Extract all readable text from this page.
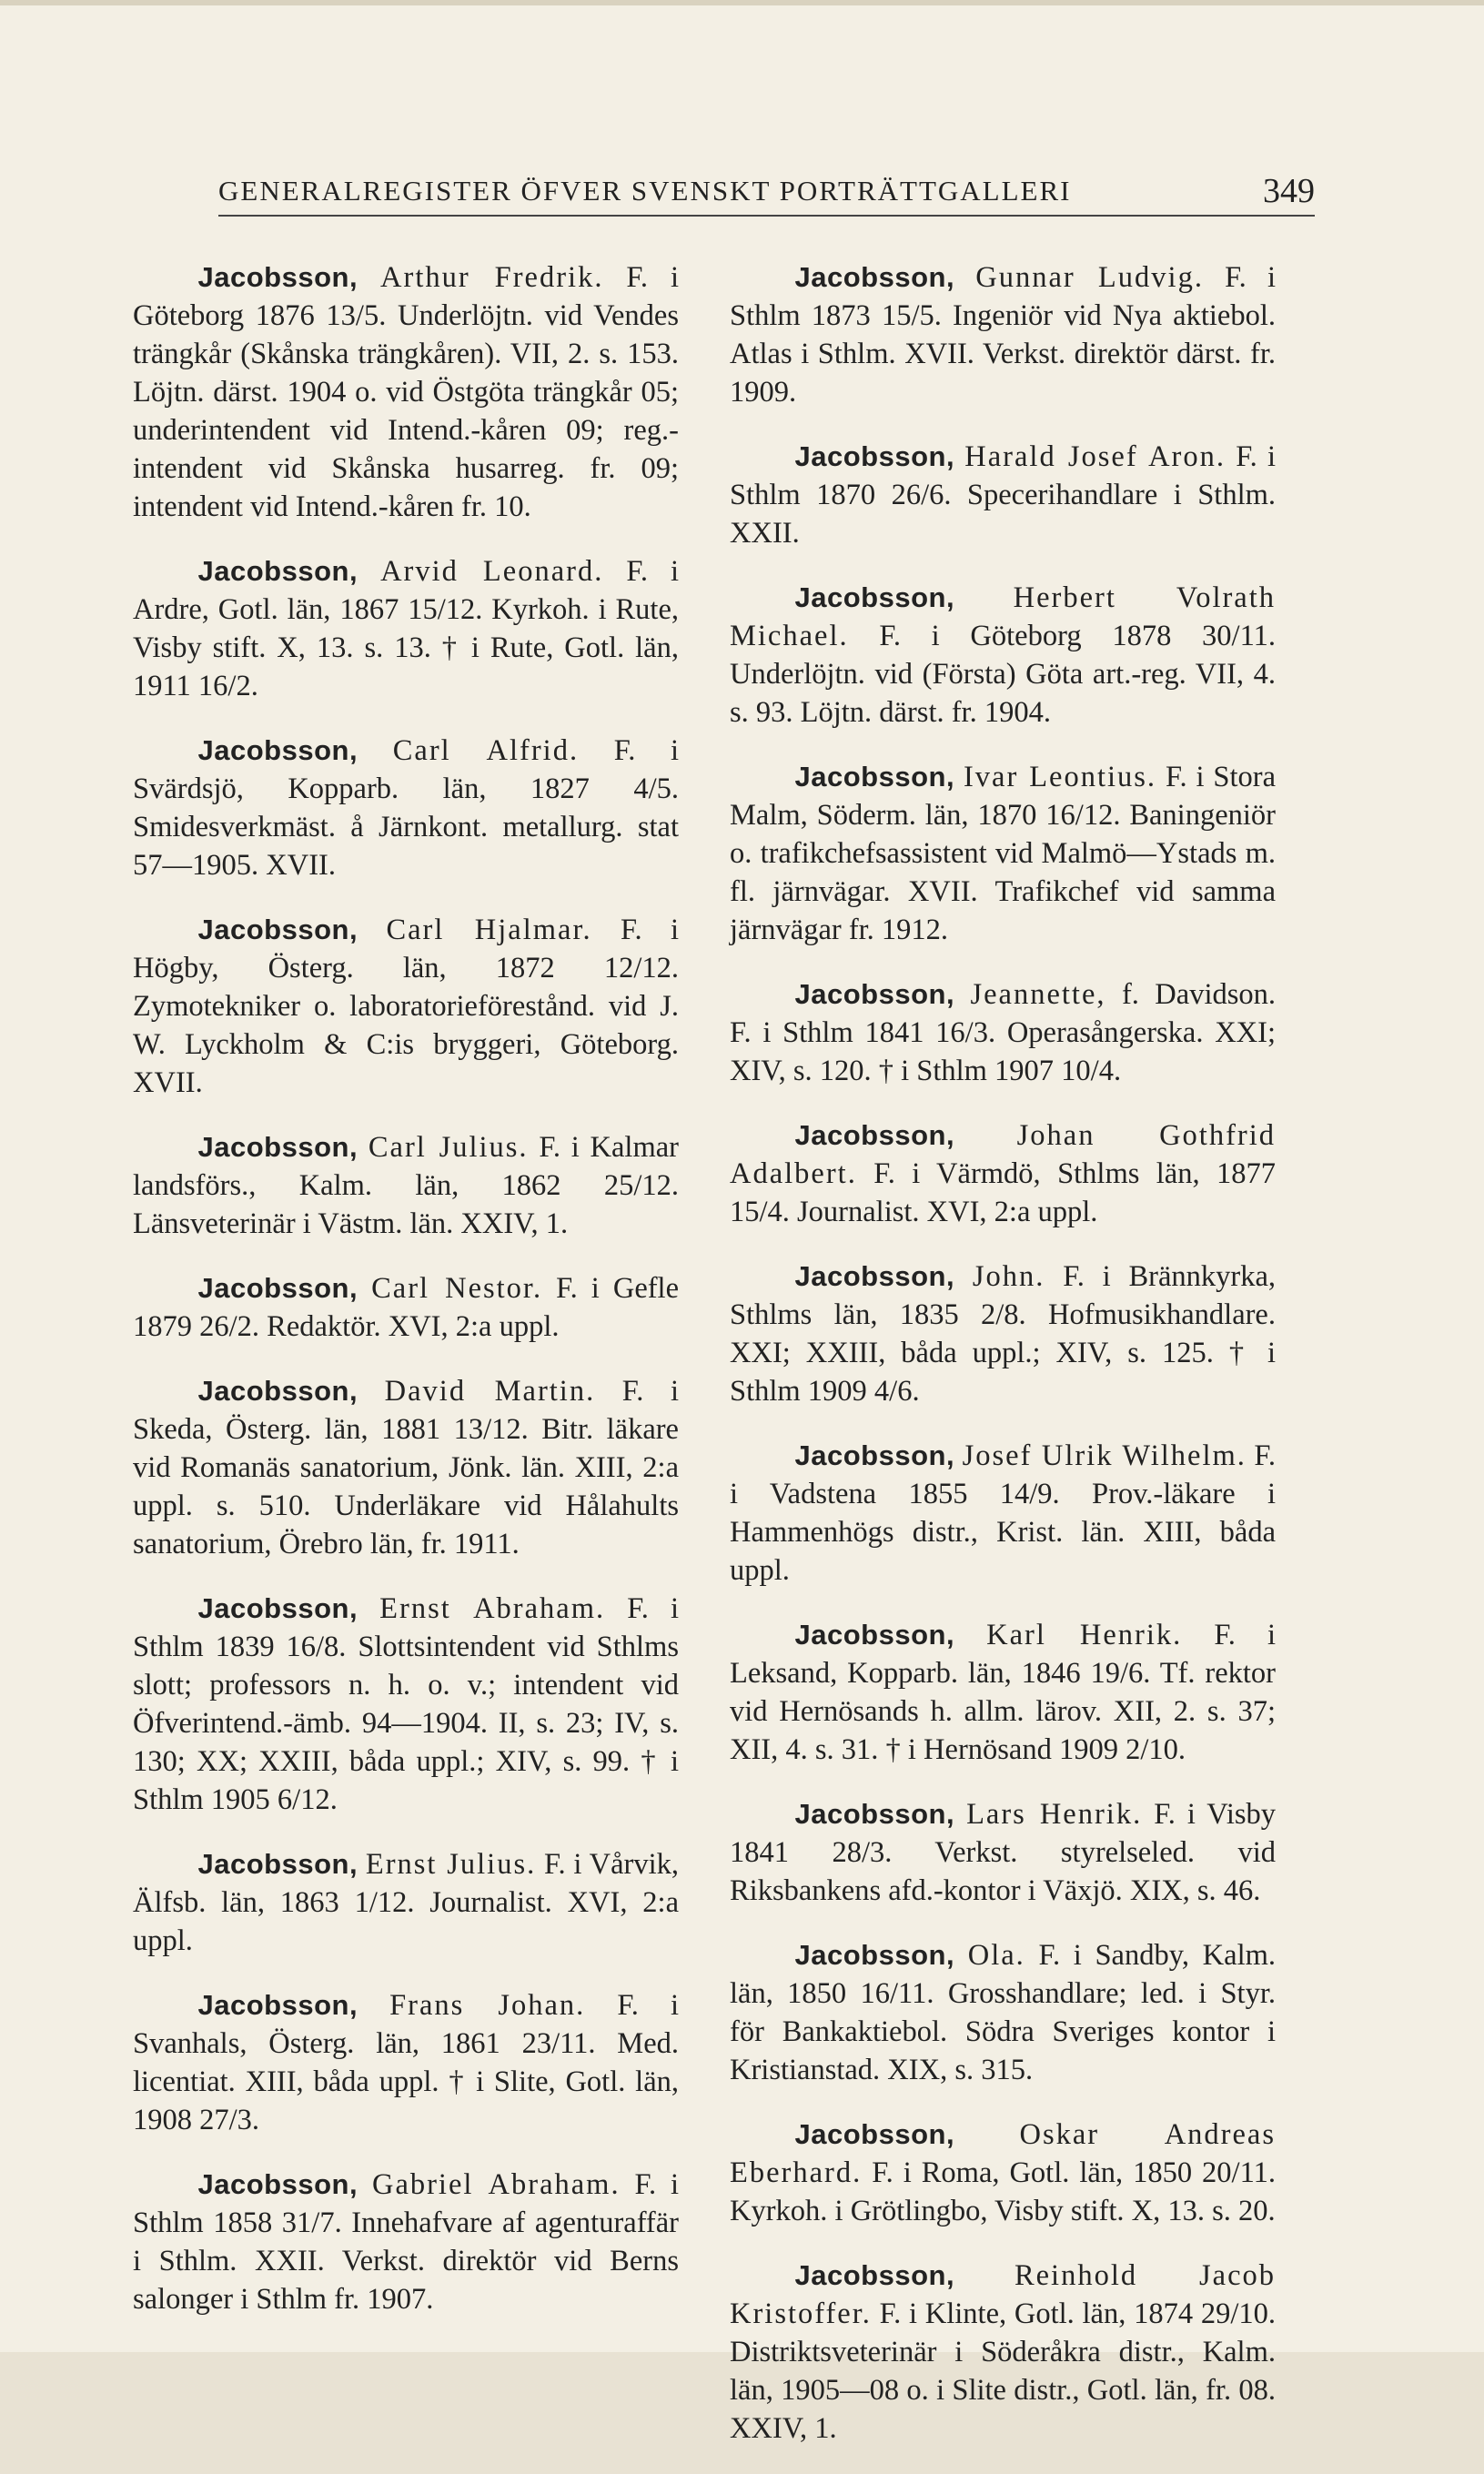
GENERALREGISTER ÖFVER SVENSKT PORTRÄTTGALLERI	349
Jacobsson, Arthur Fredrik. F. i Göteborg 1876 13/5. Underlöjtn. vid Vendes trängkår (Skånska trängkåren). VII, 2. s. 153. Löjtn. därst. 1904 o. vid Östgöta trängkår 05; underintendent vid Intend.-kåren 09; reg.-intendent vid Skånska husarreg. fr. 09; intendent vid Intend.-kåren fr. 10.
Jacobsson, Arvid Leonard. F. i Ardre, Gotl. län, 1867 15/12. Kyrkoh. i Rute, Visby stift. X, 13. s. 13. † i Rute, Gotl. län, 1911 16/2.
Jacobsson, Carl Alfrid. F. i Svärdsjö, Kopparb. län, 1827 4/5. Smidesverkmäst. å Järnkont. metallurg. stat 57—1905. XVII.
Jacobsson, Carl Hjalmar. F. i Högby, Österg. län, 1872 12/12. Zymotekniker o. laboratorieförestånd. vid J. W. Lyckholm & C:is bryggeri, Göteborg. XVII.
Jacobsson, Carl Julius. F. i Kalmar landsförs., Kalm. län, 1862 25/12. Länsveterinär i Västm. län. XXIV, 1.
Jacobsson, Carl Nestor. F. i Gefle 1879 26/2. Redaktör. XVI, 2:a uppl.
Jacobsson, David Martin. F. i Skeda, Österg. län, 1881 13/12. Bitr. läkare vid Romanäs sanatorium, Jönk. län. XIII, 2:a uppl. s. 510. Underläkare vid Hålahults sanatorium, Örebro län, fr. 1911.
Jacobsson, Ernst Abraham. F. i Sthlm 1839 16/8. Slottsintendent vid Sthlms slott; professors n. h. o. v.; intendent vid Öfverintend.-ämb. 94—1904. II, s. 23; IV, s. 130; XX; XXIII, båda uppl.; XIV, s. 99. † i Sthlm 1905 6/12.
Jacobsson, Ernst Julius. F. i Vårvik, Älfsb. län, 1863 1/12. Journalist. XVI, 2:a uppl.
Jacobsson, Frans Johan. F. i Svanhals, Österg. län, 1861 23/11. Med. licentiat. XIII, båda uppl. † i Slite, Gotl. län, 1908 27/3.
Jacobsson, Gabriel Abraham. F. i Sthlm 1858 31/7. Innehafvare af agenturaffär i Sthlm. XXII. Verkst. direktör vid Berns salonger i Sthlm fr. 1907.
Jacobsson, Gunnar Ludvig. F. i Sthlm 1873 15/5. Ingeniör vid Nya aktiebol. Atlas i Sthlm. XVII. Verkst. direktör därst. fr. 1909.
Jacobsson, Harald Josef Aron. F. i Sthlm 1870 26/6. Specerihandlare i Sthlm. XXII.
Jacobsson, Herbert Volrath Michael. F. i Göteborg 1878 30/11. Underlöjtn. vid (Första) Göta art.-reg. VII, 4. s. 93. Löjtn. därst. fr. 1904.
Jacobsson, Ivar Leontius. F. i Stora Malm, Söderm. län, 1870 16/12. Baningeniör o. trafikchefsassistent vid Malmö—Ystads m. fl. järnvägar. XVII. Trafikchef vid samma järnvägar fr. 1912.
Jacobsson, Jeannette, f. Davidson. F. i Sthlm 1841 16/3. Operasångerska. XXI; XIV, s. 120. † i Sthlm 1907 10/4.
Jacobsson, Johan Gothfrid Adalbert. F. i Värmdö, Sthlms län, 1877 15/4. Journalist. XVI, 2:a uppl.
Jacobsson, John. F. i Brännkyrka, Sthlms län, 1835 2/8. Hofmusikhandlare. XXI; XXIII, båda uppl.; XIV, s. 125. † i Sthlm 1909 4/6.
Jacobsson, Josef Ulrik Wilhelm. F. i Vadstena 1855 14/9. Prov.-läkare i Hammenhögs distr., Krist. län. XIII, båda uppl.
Jacobsson, Karl Henrik. F. i Leksand, Kopparb. län, 1846 19/6. Tf. rektor vid Hernösands h. allm. lärov. XII, 2. s. 37; XII, 4. s. 31. † i Hernösand 1909 2/10.
Jacobsson, Lars Henrik. F. i Visby 1841 28/3. Verkst. styrelseled. vid Riksbankens afd.-kontor i Växjö. XIX, s. 46.
Jacobsson, Ola. F. i Sandby, Kalm. län, 1850 16/11. Grosshandlare; led. i Styr. för Bankaktiebol. Södra Sveriges kontor i Kristianstad. XIX, s. 315.
Jacobsson, Oskar Andreas Eberhard. F. i Roma, Gotl. län, 1850 20/11. Kyrkoh. i Grötlingbo, Visby stift. X, 13. s. 20.
Jacobsson, Reinhold Jacob Kristoffer. F. i Klinte, Gotl. län, 1874 29/10. Distriktsveterinär i Söderåkra distr., Kalm. län, 1905—08 o. i Slite distr., Gotl. län, fr. 08. XXIV, 1.
